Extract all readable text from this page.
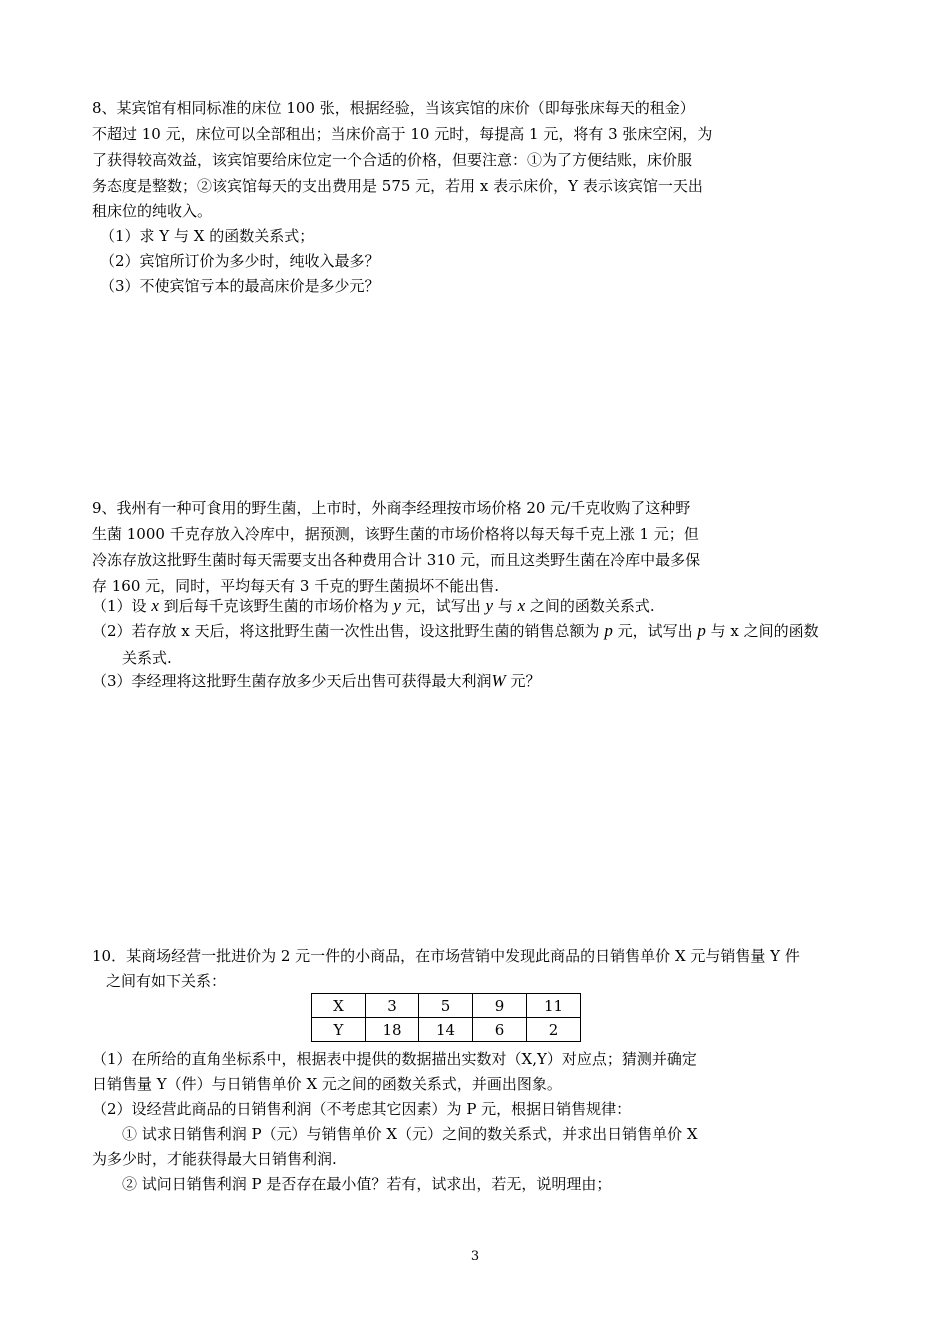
8、某宾馆有相同标准的床位 100 张，根据经验，当该宾馆的床价（即每张床每天的租金）
不超过 10 元，床位可以全部租出；当床价高于 10 元时，每提高 1 元，将有 3 张床空闲，为
了获得较高效益，该宾馆要给床位定一个合适的价格，但要注意：①为了方便结账，床价服
务态度是整数；②该宾馆每天的支出费用是 575 元，若用 x 表示床价，Y 表示该宾馆一天出
租床位的纯收入。
（1）求 Y 与 X 的函数关系式；
（2）宾馆所订价为多少时，纯收入最多？
（3）不使宾馆亏本的最高床价是多少元？
9、我州有一种可食用的野生菌，上市时，外商李经理按市场价格 20 元/千克收购了这种野
生菌 1000 千克存放入冷库中，据预测，该野生菌的市场价格将以每天每千克上涨 1 元；但
冷冻存放这批野生菌时每天需要支出各种费用合计 310 元，而且这类野生菌在冷库中最多保
存 160 元，同时，平均每天有 3 千克的野生菌损坏不能出售.
（1）设 x 到后每千克该野生菌的市场价格为 y 元，试写出 y 与 x 之间的函数关系式.
（2）若存放 x 天后，将这批野生菌一次性出售，设这批野生菌的销售总额为 p 元，试写出 p 与 x 之间的函数
关系式.
（3）李经理将这批野生菌存放多少天后出售可获得最大利润W 元？
10．某商场经营一批进价为 2 元一件的小商品，在市场营销中发现此商品的日销售单价 X 元与销售量 Y 件
之间有如下关系：
X	3	5	9	11
Y	18	14	6	2
（1）在所给的直角坐标系中，根据表中提供的数据描出实数对（X,Y）对应点；猜测并确定
日销售量 Y（件）与日销售单价 X 元之间的函数关系式，并画出图象。
（2）设经营此商品的日销售利润（不考虑其它因素）为 P 元，根据日销售规律：
① 试求日销售利润 P（元）与销售单价 X（元）之间的数关系式，并求出日销售单价 X
为多少时，才能获得最大日销售利润.
② 试问日销售利润 P 是否存在最小值？若有，试求出，若无，说明理由；
3
